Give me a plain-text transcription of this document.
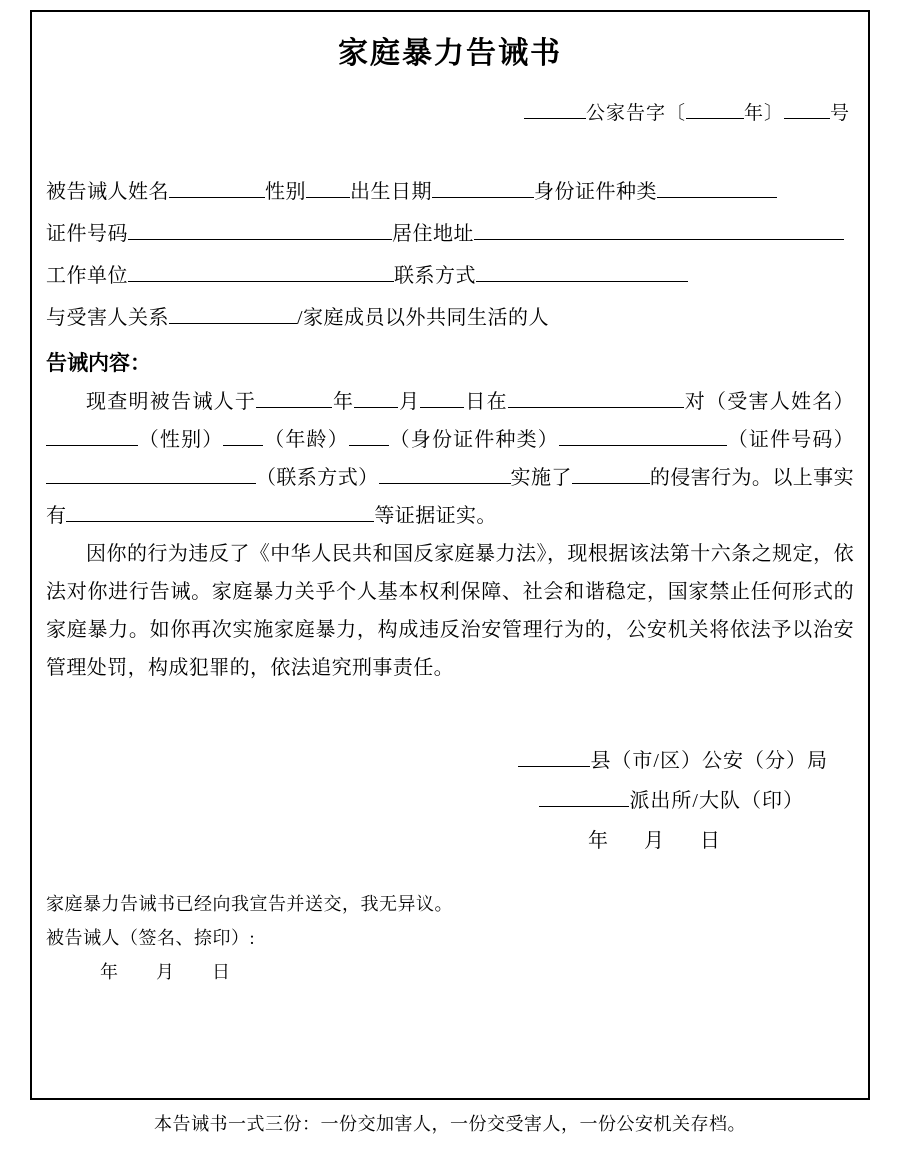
家庭暴力告诫书
公家告字〔	年〕 号
被告诫人姓名	性别 出生日期	身份证件种类
证件号码	居住地址
工作单位	联系方式
与受害人关系	/家庭成员以外共同生活的人
告诫内容：

现查明被告诫人于	年 月 日在	对（受害人姓名）（性别） （年龄） （身份证件种类）	（证件号码）（联系方式）	实施了	的侵害行为。以上事实有	等证据证实。

因你的行为违反了《中华人民共和国反家庭暴力法》，现根据该法第十六条之规定，依法对你进行告诫。家庭暴力关乎个人基本权利保障、社会和谐稳定，国家禁止任何形式的家庭暴力。如你再次实施家庭暴力，构成违反治安管理行为的，公安机关将依法予以治安管理处罚，构成犯罪的，依法追究刑事责任。

县（市/区）公安（分）局
派出所/大队（印）
年　月　日
家庭暴力告诫书已经向我宣告并送交，我无异议。
被告诫人（签名、捺印）:
年　月　日
本告诫书一式三份：一份交加害人，一份交受害人，一份公安机关存档。
